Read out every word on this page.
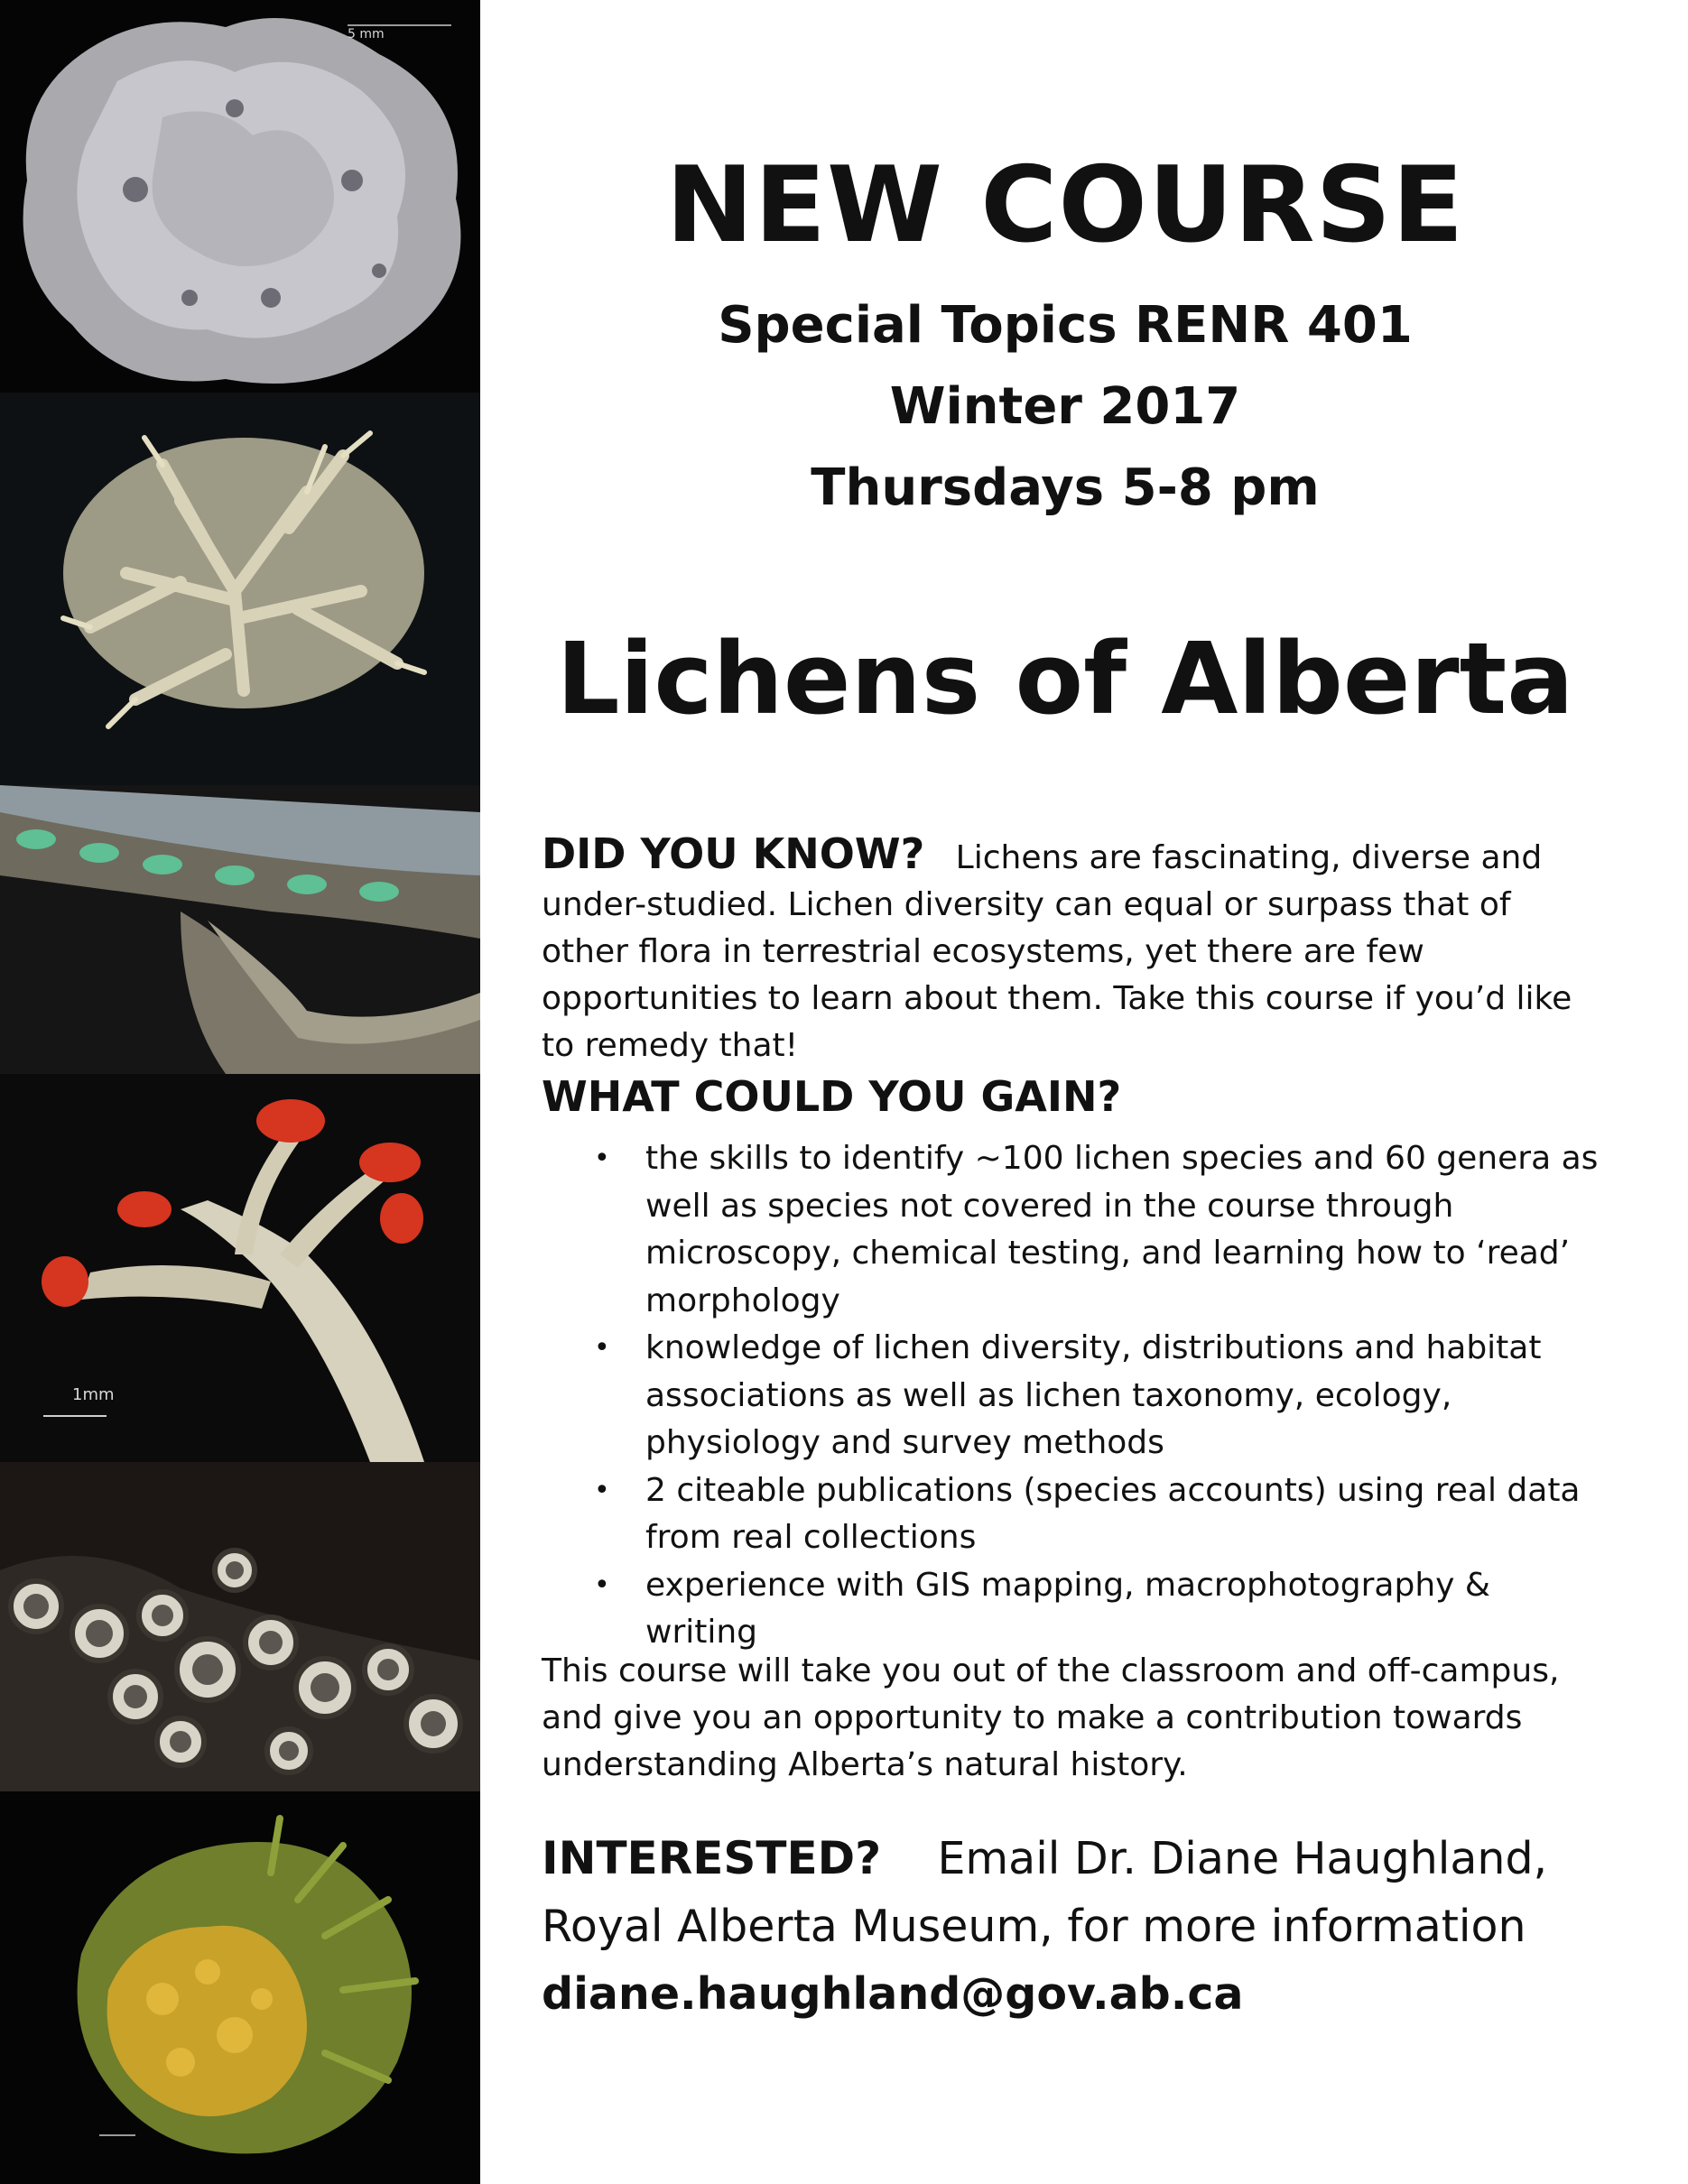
5 mm
1mm
NEW COURSE
Special Topics RENR 401
Winter 2017
Thursdays 5-8 pm
Lichens of Alberta
DID YOU KNOW? Lichens are fascinating, diverse and under-studied. Lichen diversity can equal or surpass that of other flora in terrestrial ecosystems, yet there are few opportunities to learn about them. Take this course if you’d like to remedy that!
WHAT COULD YOU GAIN?
• the skills to identify ~100 lichen species and 60 genera as well as species not covered in the course through microscopy, chemical testing, and learning how to ‘read’ morphology
• knowledge of lichen diversity, distributions and habitat associations as well as lichen taxonomy, ecology, physiology and survey methods
• 2 citeable publications (species accounts) using real data from real collections
• experience with GIS mapping, macrophotography & writing
This course will take you out of the classroom and off-campus, and give you an opportunity to make a contribution towards understanding Alberta’s natural history.
INTERESTED? Email Dr. Diane Haughland,
Royal Alberta Museum, for more information
diane.haughland@gov.ab.ca
